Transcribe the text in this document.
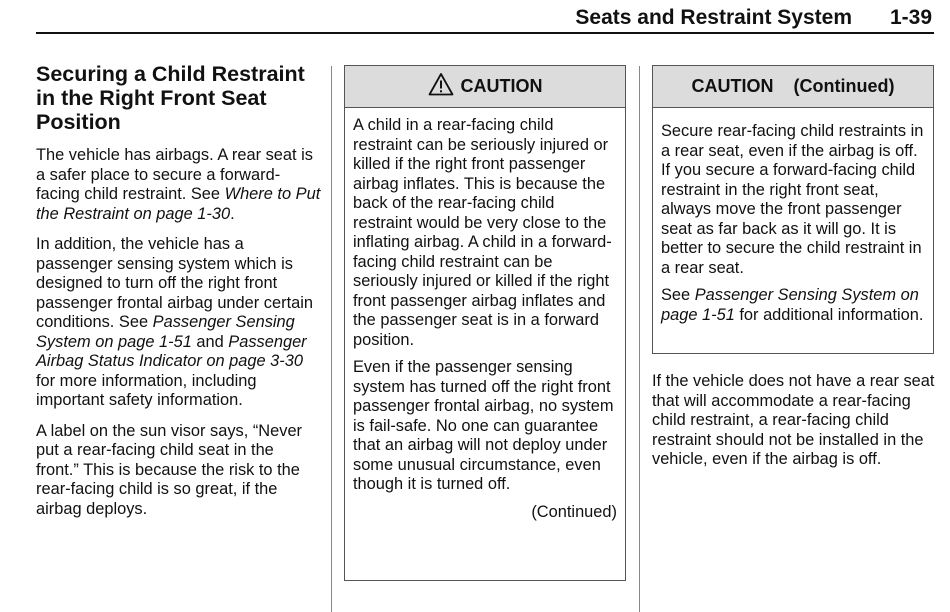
Seats and Restraint System 1-39
Securing a Child Restraint in the Right Front Seat Position

The vehicle has airbags. A rear seat is a safer place to secure a forward-facing child restraint. See Where to Put the Restraint on page 1-30.

In addition, the vehicle has a passenger sensing system which is designed to turn off the right front passenger frontal airbag under certain conditions. See Passenger Sensing System on page 1-51 and Passenger Airbag Status Indicator on page 3-30 for more information, including important safety information.

A label on the sun visor says, “Never put a rear-facing child seat in the front.” This is because the risk to the rear-facing child is so great, if the airbag deploys.

CAUTION

A child in a rear-facing child restraint can be seriously injured or killed if the right front passenger airbag inflates. This is because the back of the rear-facing child restraint would be very close to the inflating airbag. A child in a forward-facing child restraint can be seriously injured or killed if the right front passenger airbag inflates and the passenger seat is in a forward position.

Even if the passenger sensing system has turned off the right front passenger frontal airbag, no system is fail-safe. No one can guarantee that an airbag will not deploy under some unusual circumstance, even though it is turned off.

(Continued)

CAUTION    (Continued)

Secure rear-facing child restraints in a rear seat, even if the airbag is off. If you secure a forward-facing child restraint in the right front seat, always move the front passenger seat as far back as it will go. It is better to secure the child restraint in a rear seat.

See Passenger Sensing System on page 1-51 for additional information.

If the vehicle does not have a rear seat that will accommodate a rear-facing child restraint, a rear-facing child restraint should not be installed in the vehicle, even if the airbag is off.
